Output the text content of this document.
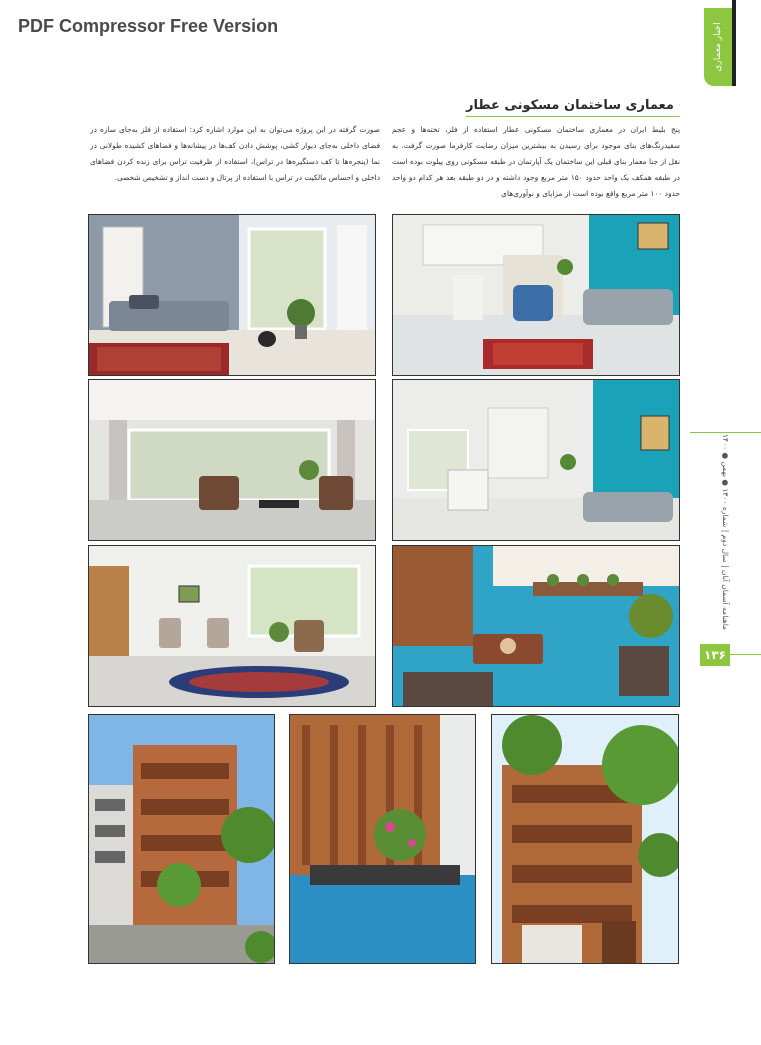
PDF Compressor Free Version	اخبار معماری
معماری ساختمان مسکونی عطار
پنج بلیط ایران در معماری ساختمان مسکونی عطار استفاده از فلز، تخته‌ها و عجم سفیدرنگ‌های بنای موجود برای رسیدن به بیشترین میزان رضایت کارفرما صورت گرفت. به نقل از جنا معمار بنای قبلی این ساختمان یک آپارتمان در طبقه مسکونی روی پیلوت بوده است در طبقه همکف یک واحد حدود ۱۵۰ متر مربع وجود داشته و در دو طبقه بعد هر کدام دو واحد حدود ۱۰۰ متر مربع واقع بوده است از مزایای و نوآوری‌های
صورت گرفته در این پروژه می‌توان به این موارد اشاره کرد: استفاده از فلز به‌جای سازه در فضای داخلی به‌جای دیوار کشی، پوشش دادن کف‌ها در پیشانه‌ها و فضاهای کشیده طولانی در نما (پنجره‌ها تا کف دستگیره‌ها در تراس)، استفاده از ظرفیت تراس برای زنده کردن فضاهای داخلی و احساس مالکیت در تراس با استفاده از پرتال و دست انداز و تشخیص شخصی.
ماهنامه آسمان آبان | سال دوم | شماره ۱۳۰۰ ● بهمن ● ۱۴۰۰
۱۳۶
